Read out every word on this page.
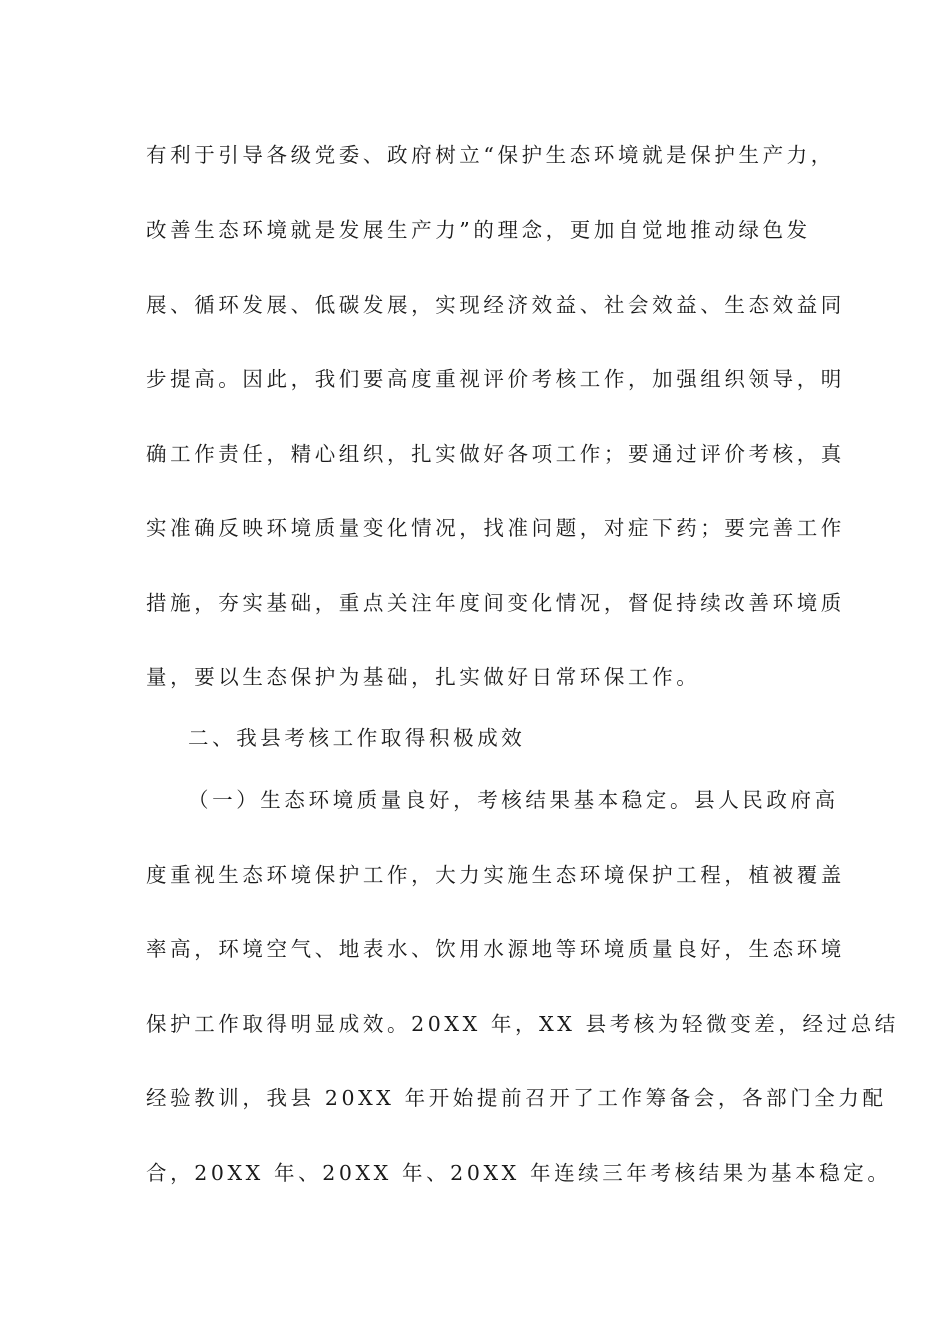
有利于引导各级党委、政府树立“保护生态环境就是保护生产力，
改善生态环境就是发展生产力”的理念，更加自觉地推动绿色发
展、循环发展、低碳发展，实现经济效益、社会效益、生态效益同
步提高。因此，我们要高度重视评价考核工作，加强组织领导，明
确工作责任，精心组织，扎实做好各项工作；要通过评价考核，真
实准确反映环境质量变化情况，找准问题，对症下药；要完善工作
措施，夯实基础，重点关注年度间变化情况，督促持续改善环境质
量，要以生态保护为基础，扎实做好日常环保工作。
二、我县考核工作取得积极成效
（一）生态环境质量良好，考核结果基本稳定。县人民政府高
度重视生态环境保护工作，大力实施生态环境保护工程，植被覆盖
率高，环境空气、地表水、饮用水源地等环境质量良好，生态环境
保护工作取得明显成效。20XX 年，XX 县考核为轻微变差，经过总结
经验教训，我县 20XX 年开始提前召开了工作筹备会，各部门全力配
合，20XX 年、20XX 年、20XX 年连续三年考核结果为基本稳定。
